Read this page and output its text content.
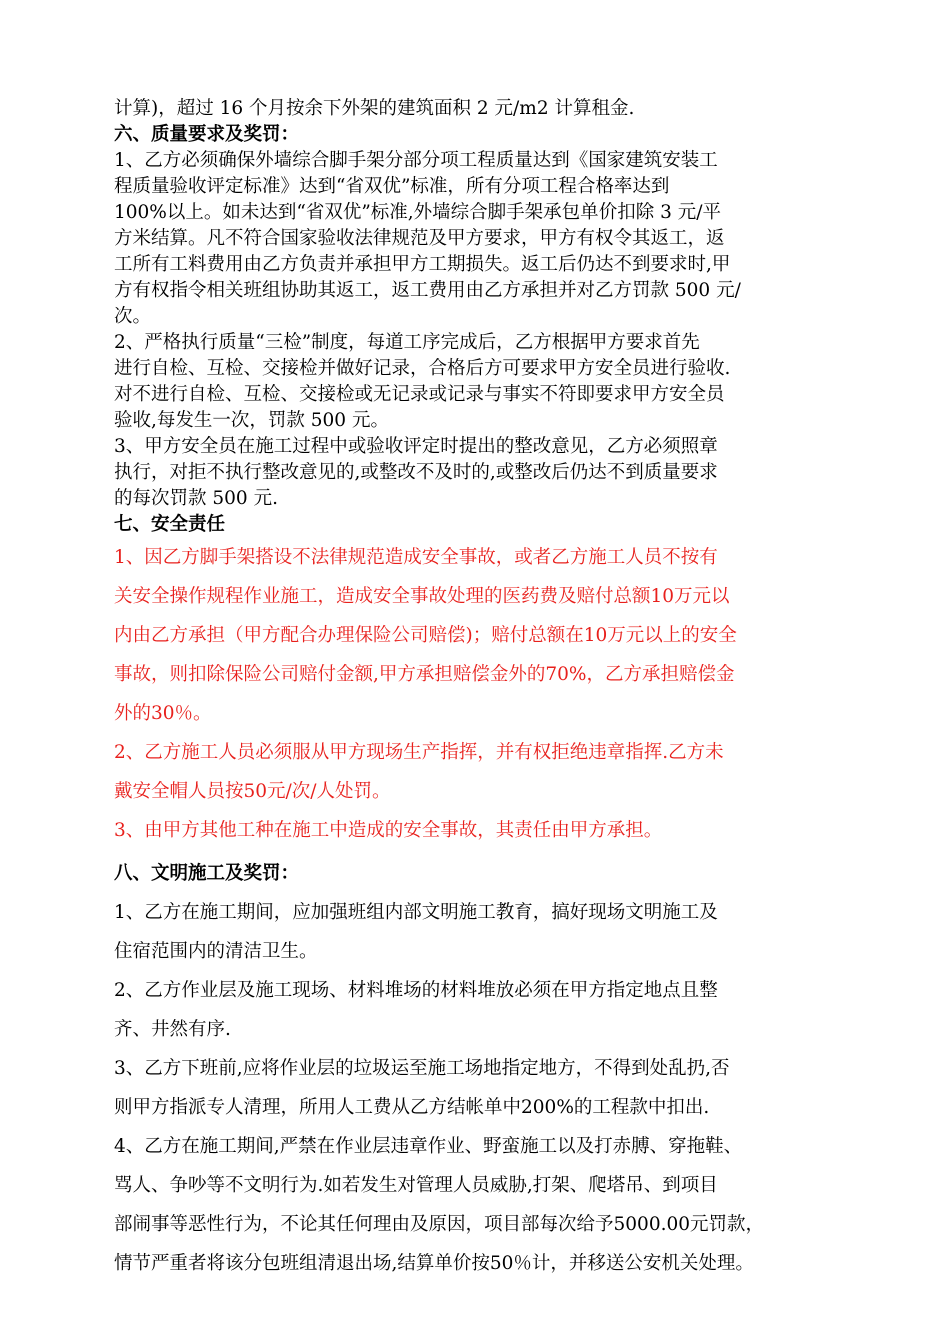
计算)，超过 16 个月按余下外架的建筑面积 2 元/m2 计算租金.

六、质量要求及奖罚：

1、乙方必须确保外墙综合脚手架分部分项工程质量达到《国家建筑安装工

程质量验收评定标准》达到“省双优”标准，所有分项工程合格率达到

100%以上。如未达到“省双优”标准,外墙综合脚手架承包单价扣除 3 元/平

方米结算。凡不符合国家验收法律规范及甲方要求，甲方有权令其返工，返

工所有工料费用由乙方负责并承担甲方工期损失。返工后仍达不到要求时,甲

方有权指令相关班组协助其返工，返工费用由乙方承担并对乙方罚款 500 元/

次。

2、严格执行质量“三检”制度，每道工序完成后，乙方根据甲方要求首先

进行自检、互检、交接检并做好记录，合格后方可要求甲方安全员进行验收.

对不进行自检、互检、交接检或无记录或记录与事实不符即要求甲方安全员

验收,每发生一次，罚款 500 元。

3、甲方安全员在施工过程中或验收评定时提出的整改意见，乙方必须照章

执行，对拒不执行整改意见的,或整改不及时的,或整改后仍达不到质量要求

的每次罚款 500 元.

七、安全责任

1、因乙方脚手架搭设不法律规范造成安全事故，或者乙方施工人员不按有

关安全操作规程作业施工，造成安全事故处理的医药费及赔付总额10万元以

内由乙方承担（甲方配合办理保险公司赔偿)；赔付总额在10万元以上的安全

事故，则扣除保险公司赔付金额,甲方承担赔偿金外的70%，乙方承担赔偿金

外的30％。

2、乙方施工人员必须服从甲方现场生产指挥，并有权拒绝违章指挥.乙方未

戴安全帽人员按50元/次/人处罚。

3、由甲方其他工种在施工中造成的安全事故，其责任由甲方承担。

八、文明施工及奖罚：

1、乙方在施工期间，应加强班组内部文明施工教育，搞好现场文明施工及

住宿范围内的清洁卫生。

2、乙方作业层及施工现场、材料堆场的材料堆放必须在甲方指定地点且整

齐、井然有序.

3、乙方下班前,应将作业层的垃圾运至施工场地指定地方，不得到处乱扔,否

则甲方指派专人清理，所用人工费从乙方结帐单中200%的工程款中扣出.

4、乙方在施工期间,严禁在作业层违章作业、野蛮施工以及打赤膊、穿拖鞋、

骂人、争吵等不文明行为.如若发生对管理人员威胁,打架、爬塔吊、到项目

部闹事等恶性行为，不论其任何理由及原因，项目部每次给予5000.00元罚款，

情节严重者将该分包班组清退出场,结算单价按50％计，并移送公安机关处理。
